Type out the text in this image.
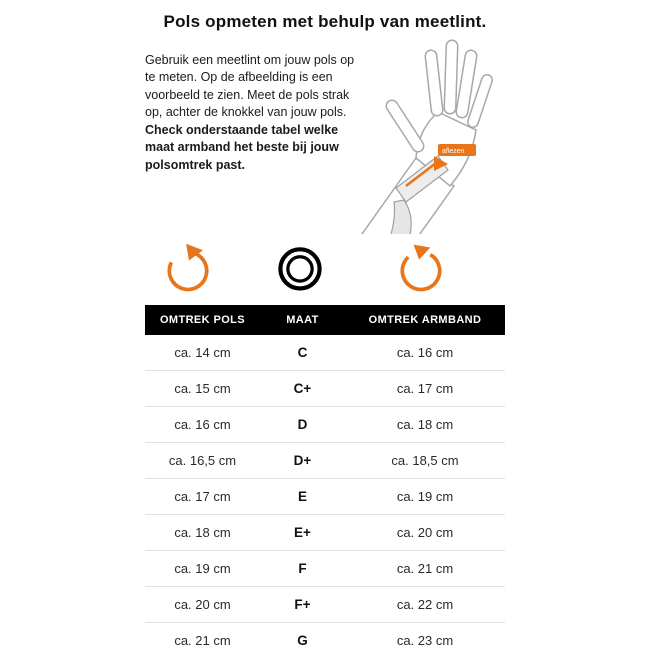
Pols opmeten met behulp van meetlint.
Gebruik een meetlint om jouw pols op te meten. Op de afbeelding is een voorbeeld te zien. Meet de pols strak op, achter de knokkel van jouw pols.
Check onderstaande tabel welke maat armband het beste bij jouw polsomtrek past.
aflezen
OMTREK POLS	MAAT	OMTREK ARMBAND
ca. 14 cm	C	ca. 16 cm
ca. 15 cm	C+	ca. 17 cm
ca. 16 cm	D	ca. 18 cm
ca. 16,5 cm	D+	ca. 18,5 cm
ca. 17 cm	E	ca. 19 cm
ca. 18 cm	E+	ca. 20 cm
ca. 19 cm	F	ca. 21 cm
ca. 20 cm	F+	ca. 22 cm
ca. 21 cm	G	ca. 23 cm
